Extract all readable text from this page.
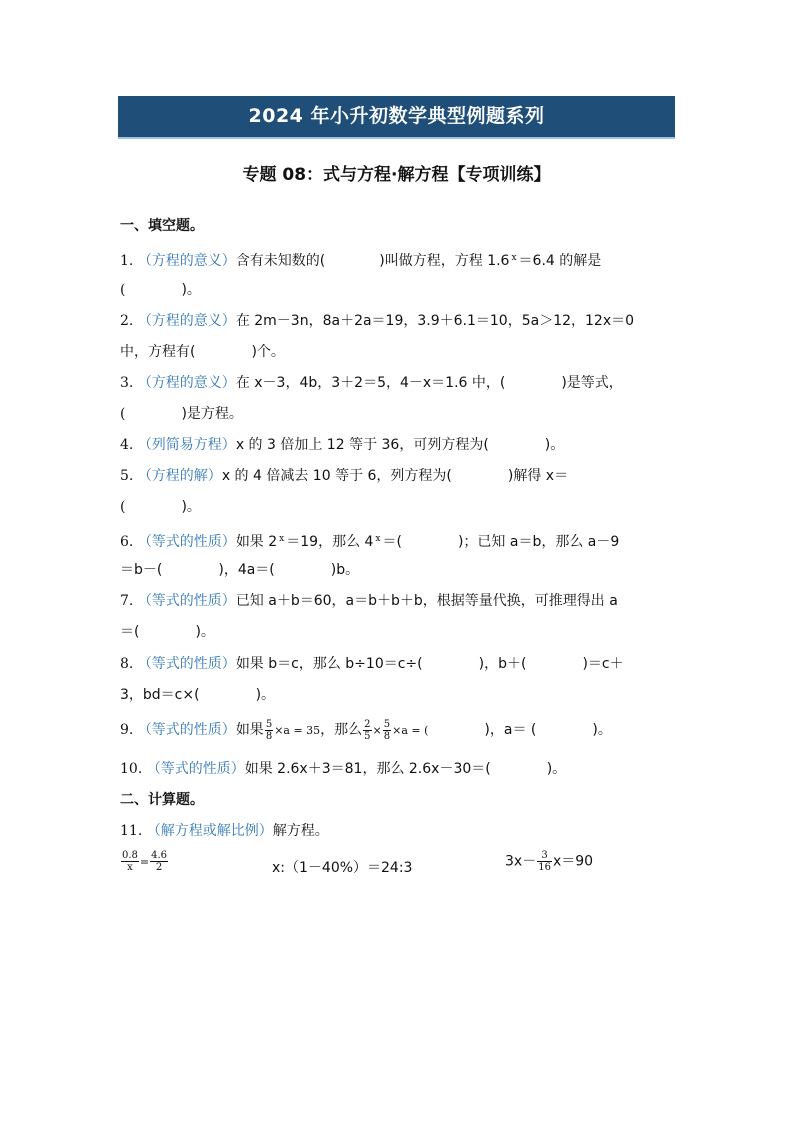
2024 年小升初数学典型例题系列
专题 08：式与方程·解方程【专项训练】
一、填空题。
1. （方程的意义）含有未知数的(	)叫做方程，方程 1.6 $^x$ ＝6.4 的解是
(	)。
2. （方程的意义）在 2m－3n，8a＋2a＝19，3.9＋6.1＝10，5a＞12，12x＝0
中，方程有(	)个。
3. （方程的意义）在 x－3，4b，3＋2＝5，4－x＝1.6 中，(	)是等式，
(	)是方程。
4. （列简易方程）x 的 3 倍加上 12 等于 36，可列方程为(	)。
5. （方程的解）x 的 4 倍减去 10 等于 6，列方程为(	)解得 x＝
(	)。
6. （等式的性质）如果 2 $^x$ ＝19，那么 4 $^x$ ＝(	)；已知 a＝b，那么 a－9
＝b－(	)，4a＝(	)b。
7. （等式的性质）已知 a＋b＝60，a＝b＋b＋b，根据等量代换，可推理得出 a
＝(	)。
8. （等式的性质）如果 b＝c，那么 b÷10＝c÷(	)，b＋(	)＝c＋
3，bd＝c×(	)。
9. （等式的性质）如果 $\frac{5}{8} \times a = 35$，那么 $\frac{2}{5} \times \frac{5}{8} \times a$ = (	)，a＝ (	)。
10. （等式的性质）如果 2.6x＋3＝81，那么 2.6x－30＝(	)。
二、计算题。
11. （解方程或解比例）解方程。
$\frac{0.8}{x} = \frac{4.6}{2}$	x:（1－40%）＝24:3	$3x- \frac{3}{16} x=90$
